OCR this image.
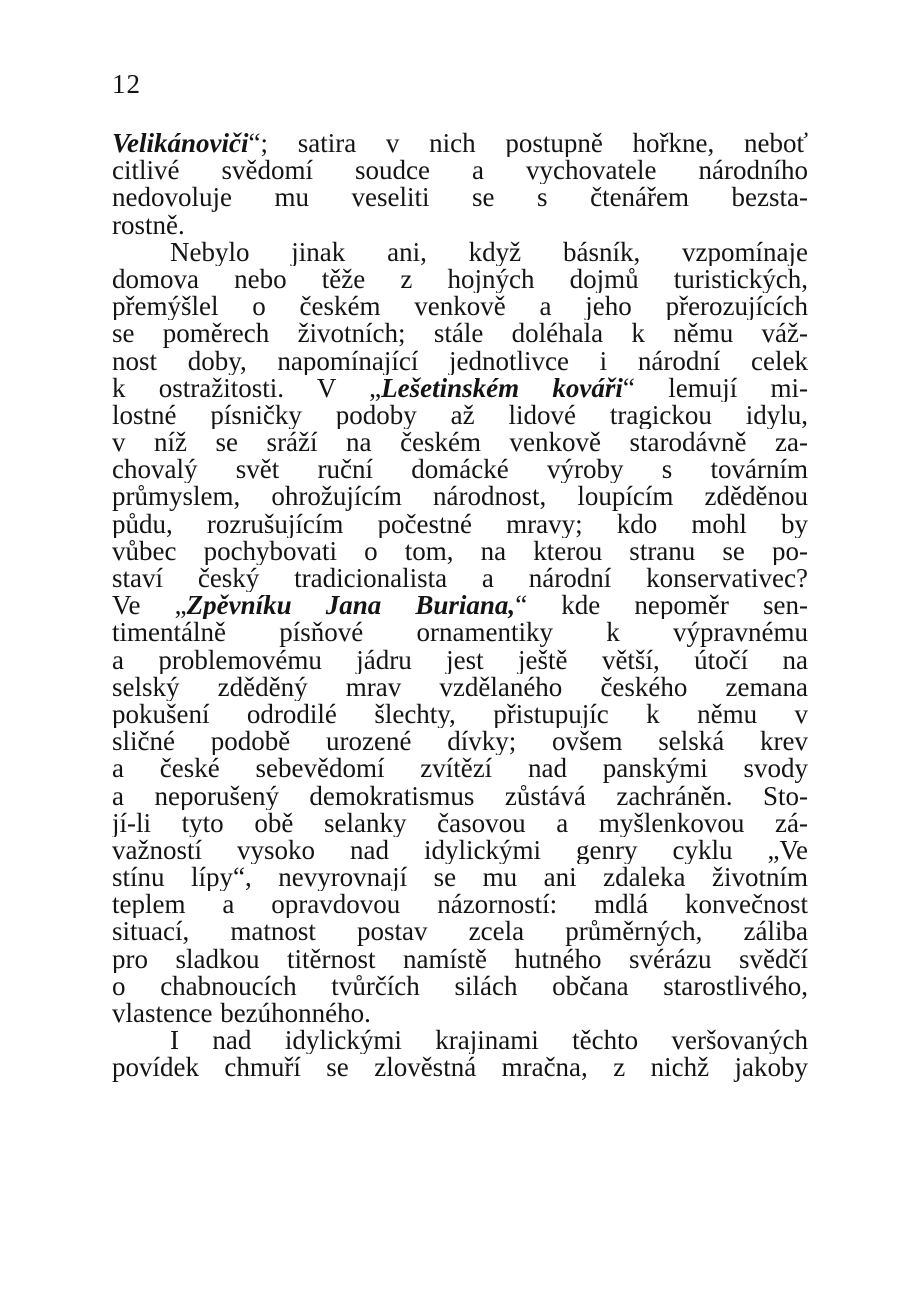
12
Velikánoviči“; satira v nich postupně hořkne, neboť
citlivé svědomí soudce a vychovatele národního
nedovoluje mu veseliti se s čtenářem bezsta-
rostně.
Nebylo jinak ani, když básník, vzpomínaje
domova nebo těže z hojných dojmů turistických,
přemýšlel o českém venkově a jeho přerozujících
se poměrech životních; stále doléhala k němu váž-
nost doby, napomínající jednotlivce i národní celek
k ostražitosti. V „Lešetinském kováři“ lemují mi-
lostné písničky podoby až lidové tragickou idylu,
v níž se sráží na českém venkově starodávně za-
chovalý svět ruční domácké výroby s továrním
průmyslem, ohrožujícím národnost, loupícím zděděnou
půdu, rozrušujícím počestné mravy; kdo mohl by
vůbec pochybovati o tom, na kterou stranu se po-
staví český tradicionalista a národní konservativec?
Ve „Zpěvníku Jana Buriana,“ kde nepoměr sen-
timentálně písňové ornamentiky k výpravnému
a problemovému jádru jest ještě větší, útočí na
selský zděděný mrav vzdělaného českého zemana
pokušení odrodilé šlechty, přistupujíc k němu v
sličné podobě urozené dívky; ovšem selská krev
a české sebevědomí zvítězí nad panskými svody
a neporušený demokratismus zůstává zachráněn. Sto-
jí-li tyto obě selanky časovou a myšlenkovou zá-
važností vysoko nad idylickými genry cyklu „Ve
stínu lípy“, nevyrovnají se mu ani zdaleka životním
teplem a opravdovou názorností: mdlá konvečnost
situací, matnost postav zcela průměrných, záliba
pro sladkou titěrnost namístě hutného svérázu svědčí
o chabnoucích tvůrčích silách občana starostlivého,
vlastence bezúhonného.
I nad idylickými krajinami těchto veršovaných
povídek chmuří se zlověstná mračna, z nichž jakoby
